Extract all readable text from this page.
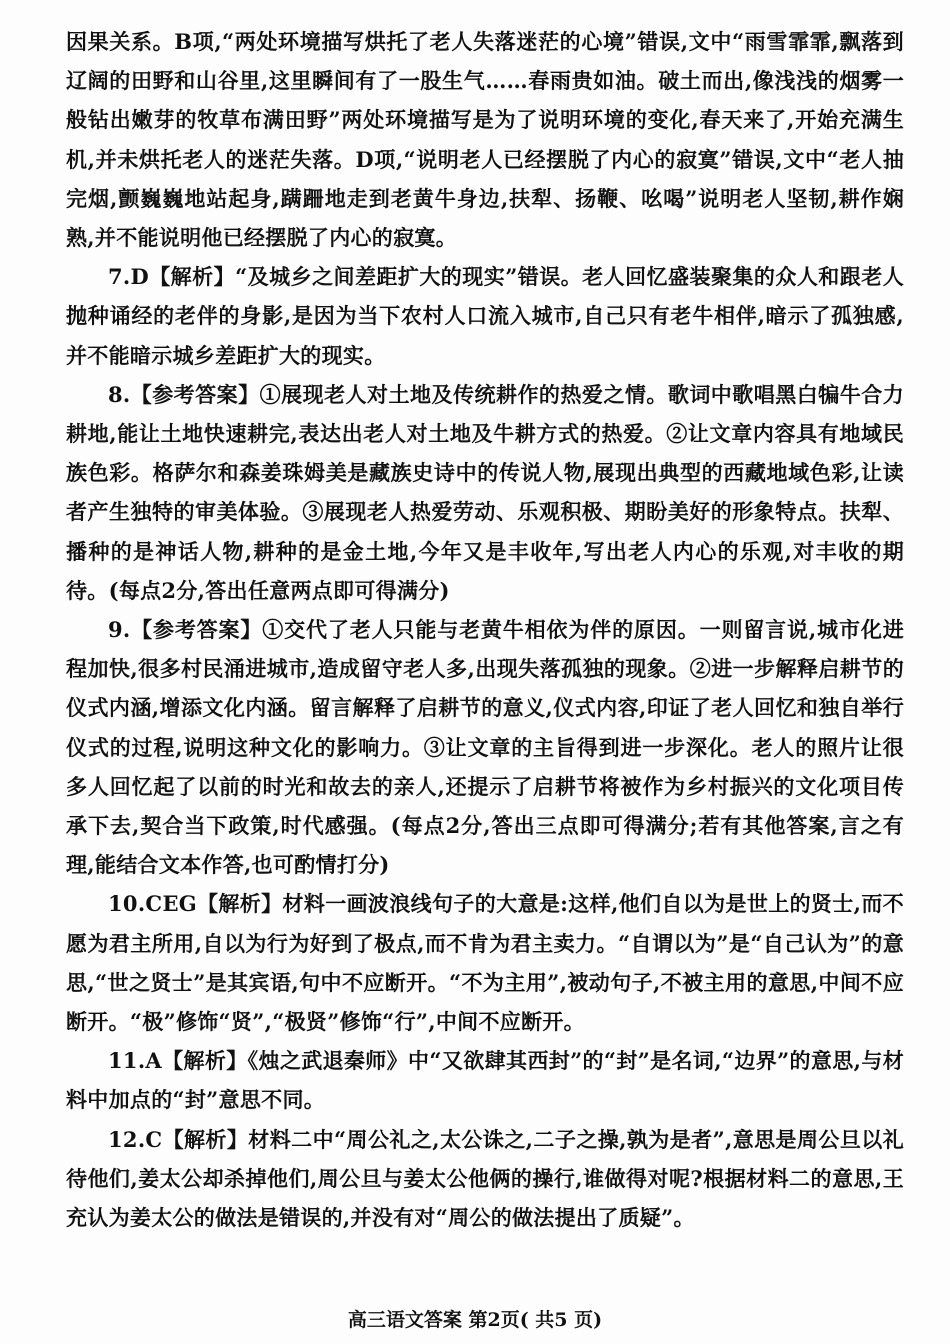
因果关系。B项,“两处环境描写烘托了老人失落迷茫的心境”错误,文中“雨雪霏霏,飘落到辽阔的田野和山谷里,这里瞬间有了一股生气……春雨贵如油。破土而出,像浅浅的烟雾一般钻出嫩芽的牧草布满田野”两处环境描写是为了说明环境的变化,春天来了,开始充满生机,并未烘托老人的迷茫失落。D项,“说明老人已经摆脱了内心的寂寞”错误,文中“老人抽完烟,颤巍巍地站起身,蹒跚地走到老黄牛身边,扶犁、扬鞭、吆喝”说明老人坚韧,耕作娴熟,并不能说明他已经摆脱了内心的寂寞。

7.D【解析】“及城乡之间差距扩大的现实”错误。老人回忆盛装聚集的众人和跟老人抛种诵经的老伴的身影,是因为当下农村人口流入城市,自己只有老牛相伴,暗示了孤独感,并不能暗示城乡差距扩大的现实。

8.【参考答案】①展现老人对土地及传统耕作的热爱之情。歌词中歌唱黑白犏牛合力耕地,能让土地快速耕完,表达出老人对土地及牛耕方式的热爱。②让文章内容具有地域民族色彩。格萨尔和森姜珠姆美是藏族史诗中的传说人物,展现出典型的西藏地域色彩,让读者产生独特的审美体验。③展现老人热爱劳动、乐观积极、期盼美好的形象特点。扶犁、播种的是神话人物,耕种的是金土地,今年又是丰收年,写出老人内心的乐观,对丰收的期待。(每点2分,答出任意两点即可得满分)

9.【参考答案】①交代了老人只能与老黄牛相依为伴的原因。一则留言说,城市化进程加快,很多村民涌进城市,造成留守老人多,出现失落孤独的现象。②进一步解释启耕节的仪式内涵,增添文化内涵。留言解释了启耕节的意义,仪式内容,印证了老人回忆和独自举行仪式的过程,说明这种文化的影响力。③让文章的主旨得到进一步深化。老人的照片让很多人回忆起了以前的时光和故去的亲人,还提示了启耕节将被作为乡村振兴的文化项目传承下去,契合当下政策,时代感强。(每点2分,答出三点即可得满分;若有其他答案,言之有理,能结合文本作答,也可酌情打分)

10.CEG【解析】材料一画波浪线句子的大意是:这样,他们自以为是世上的贤士,而不愿为君主所用,自以为行为好到了极点,而不肯为君主卖力。“自谓以为”是“自己认为”的意思,“世之贤士”是其宾语,句中不应断开。“不为主用”,被动句子,不被主用的意思,中间不应断开。“极”修饰“贤”,“极贤”修饰“行”,中间不应断开。

11.A【解析】《烛之武退秦师》中“又欲肆其西封”的“封”是名词,“边界”的意思,与材料中加点的“封”意思不同。

12.C【解析】材料二中“周公礼之,太公诛之,二子之操,孰为是者”,意思是周公旦以礼待他们,姜太公却杀掉他们,周公旦与姜太公他俩的操行,谁做得对呢?根据材料二的意思,王充认为姜太公的做法是错误的,并没有对“周公的做法提出了质疑”。

高三语文答案 第2页( 共5 页)
